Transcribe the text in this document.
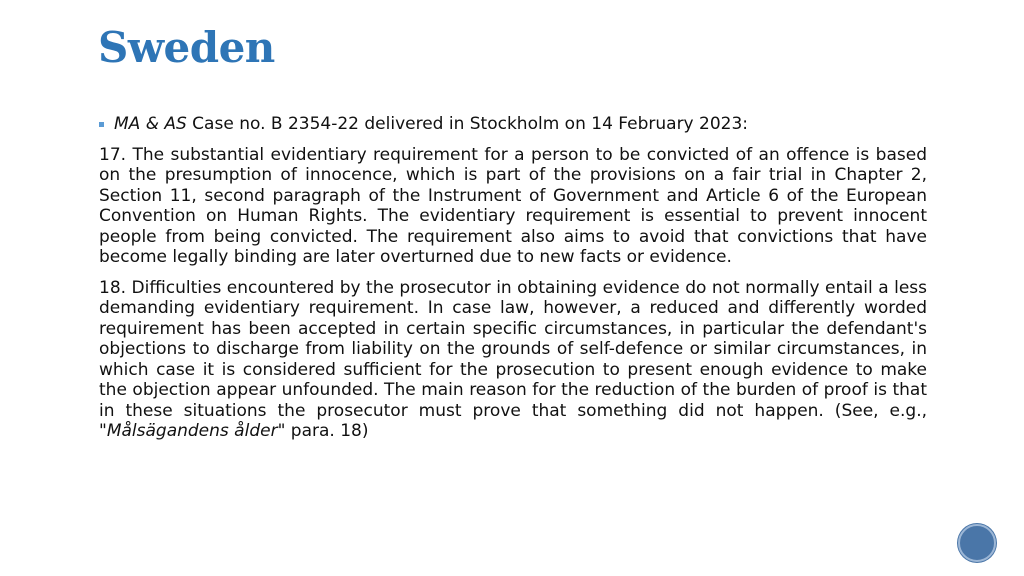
Sweden

MA & AS Case no. B 2354-22 delivered in Stockholm on 14 February 2023:

17. The substantial evidentiary requirement for a person to be convicted of an offence is based on the presumption of innocence, which is part of the provisions on a fair trial in Chapter 2, Section 11, second paragraph of the Instrument of Government and Article 6 of the European Convention on Human Rights. The evidentiary requirement is essential to prevent innocent people from being convicted. The requirement also aims to avoid that convictions that have become legally binding are later overturned due to new facts or evidence.

18. Difficulties encountered by the prosecutor in obtaining evidence do not normally entail a less demanding evidentiary requirement. In case law, however, a reduced and differently worded requirement has been accepted in certain specific circumstances, in particular the defendant's objections to discharge from liability on the grounds of self-defence or similar circumstances, in which case it is considered sufficient for the prosecution to present enough evidence to make the objection appear unfounded. The main reason for the reduction of the burden of proof is that in these situations the prosecutor must prove that something did not happen. (See, e.g., "Målsägandens ålder" para. 18)
